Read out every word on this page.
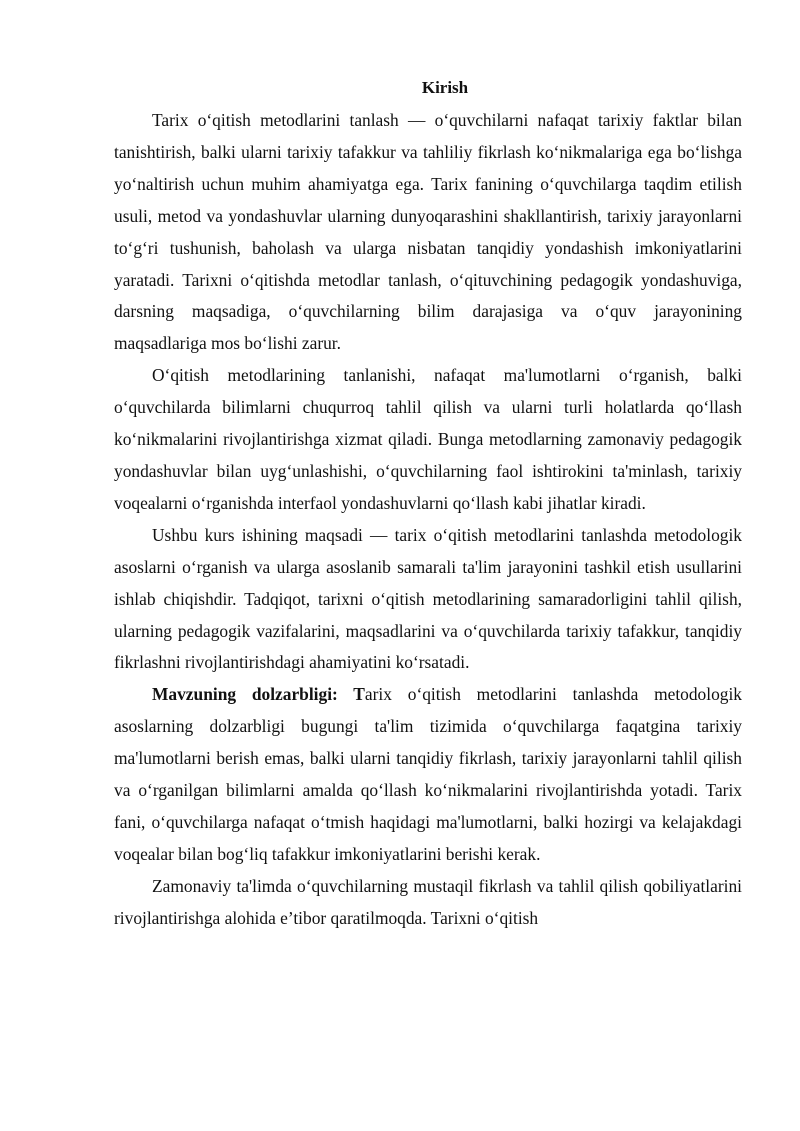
Kirish

Tarix o‘qitish metodlarini tanlash — o‘quvchilarni nafaqat tarixiy faktlar bilan tanishtirish, balki ularni tarixiy tafakkur va tahliliy fikrlash ko‘nikmalariga ega bo‘lishga yo‘naltirish uchun muhim ahamiyatga ega. Tarix fanining o‘quvchilarga taqdim etilish usuli, metod va yondashuvlar ularning dunyoqarashini shakllantirish, tarixiy jarayonlarni to‘g‘ri tushunish, baholash va ularga nisbatan tanqidiy yondashish imkoniyatlarini yaratadi. Tarixni o‘qitishda metodlar tanlash, o‘qituvchining pedagogik yondashuviga, darsning maqsadiga, o‘quvchilarning bilim darajasiga va o‘quv jarayonining maqsadlariga mos bo‘lishi zarur.

O‘qitish metodlarining tanlanishi, nafaqat ma'lumotlarni o‘rganish, balki o‘quvchilarda bilimlarni chuqurroq tahlil qilish va ularni turli holatlarda qo‘llash ko‘nikmalarini rivojlantirishga xizmat qiladi. Bunga metodlarning zamonaviy pedagogik yondashuvlar bilan uyg‘unlashishi, o‘quvchilarning faol ishtirokini ta'minlash, tarixiy voqealarni o‘rganishda interfaol yondashuvlarni qo‘llash kabi jihatlar kiradi.

Ushbu kurs ishining maqsadi — tarix o‘qitish metodlarini tanlashda metodologik asoslarni o‘rganish va ularga asoslanib samarali ta'lim jarayonini tashkil etish usullarini ishlab chiqishdir. Tadqiqot, tarixni o‘qitish metodlarining samaradorligini tahlil qilish, ularning pedagogik vazifalarini, maqsadlarini va o‘quvchilarda tarixiy tafakkur, tanqidiy fikrlashni rivojlantirishdagi ahamiyatini ko‘rsatadi.

Mavzuning dolzarbligi: Tarix o‘qitish metodlarini tanlashda metodologik asoslarning dolzarbligi bugungi ta'lim tizimida o‘quvchilarga faqatgina tarixiy ma'lumotlarni berish emas, balki ularni tanqidiy fikrlash, tarixiy jarayonlarni tahlil qilish va o‘rganilgan bilimlarni amalda qo‘llash ko‘nikmalarini rivojlantirishda yotadi. Tarix fani, o‘quvchilarga nafaqat o‘tmish haqidagi ma'lumotlarni, balki hozirgi va kelajakdagi voqealar bilan bog‘liq tafakkur imkoniyatlarini berishi kerak.

Zamonaviy ta'limda o‘quvchilarning mustaqil fikrlash va tahlil qilish qobiliyatlarini rivojlantirishga alohida e’tibor qaratilmoqda. Tarixni o‘qitish
